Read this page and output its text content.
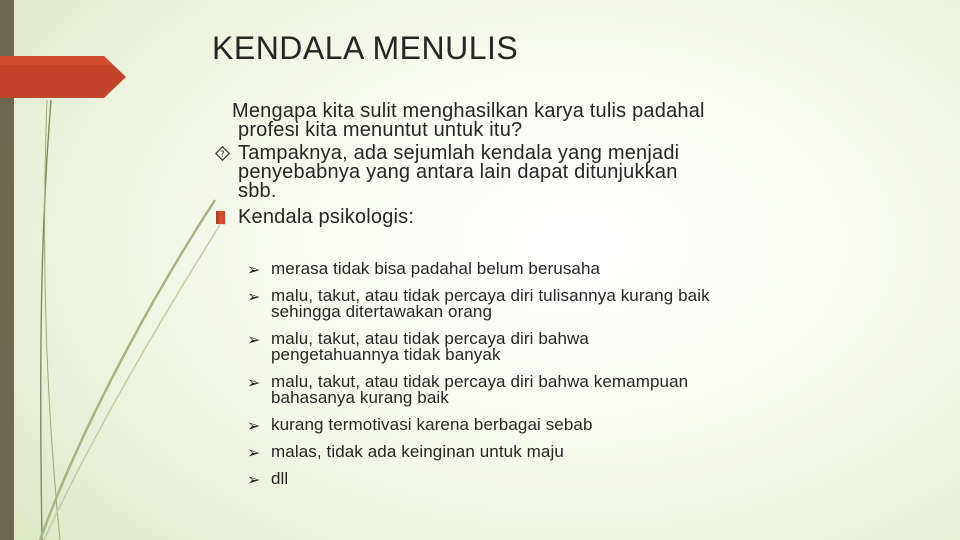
KENDALA MENULIS
Mengapa kita sulit menghasilkan karya tulis padahal
profesi kita menuntut untuk itu?
? Tampaknya, ada sejumlah kendala yang menjadi
penyebabnya yang antara lain dapat ditunjukkan
sbb.
Kendala psikologis:
➢ merasa tidak bisa padahal belum berusaha
➢ malu, takut, atau tidak percaya diri tulisannya kurang baik
sehingga ditertawakan orang
➢ malu, takut, atau tidak percaya diri bahwa
pengetahuannya tidak banyak
➢ malu, takut, atau tidak percaya diri bahwa kemampuan
bahasanya kurang baik
➢ kurang termotivasi karena berbagai sebab
➢ malas, tidak ada keinginan untuk maju
➢ dll
